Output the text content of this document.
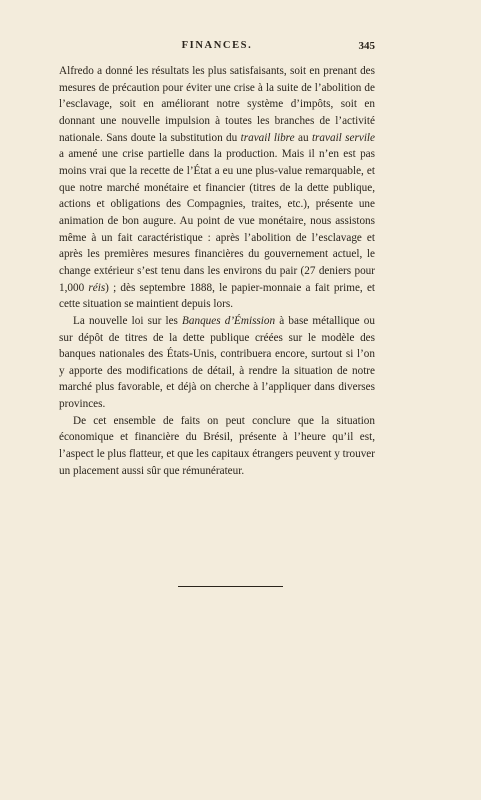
FINANCES.	345

Alfredo a donné les résultats les plus satisfaisants, soit en prenant des mesures de précaution pour éviter une crise à la suite de l’abolition de l’esclavage, soit en améliorant notre système d’impôts, soit en donnant une nouvelle impulsion à toutes les branches de l’activité nationale. Sans doute la substitution du travail libre au travail servile a amené une crise partielle dans la production. Mais il n’en est pas moins vrai que la recette de l’État a eu une plus-value remarquable, et que notre marché monétaire et financier (titres de la dette publique, actions et obligations des Compagnies, traites, etc.), présente une animation de bon augure. Au point de vue monétaire, nous assistons même à un fait caractéristique : après l’abolition de l’esclavage et après les premières mesures financières du gouvernement actuel, le change extérieur s’est tenu dans les environs du pair (27 deniers pour 1,000 réis) ; dès septembre 1888, le papier-monnaie a fait prime, et cette situation se maintient depuis lors.

La nouvelle loi sur les Banques d’Émission à base métallique ou sur dépôt de titres de la dette publique créées sur le modèle des banques nationales des États-Unis, contribuera encore, surtout si l’on y apporte des modifications de détail, à rendre la situation de notre marché plus favorable, et déjà on cherche à l’appliquer dans diverses provinces.

De cet ensemble de faits on peut conclure que la situation économique et financière du Brésil, présente à l’heure qu’il est, l’aspect le plus flatteur, et que les capitaux étrangers peuvent y trouver un placement aussi sûr que rémunérateur.
